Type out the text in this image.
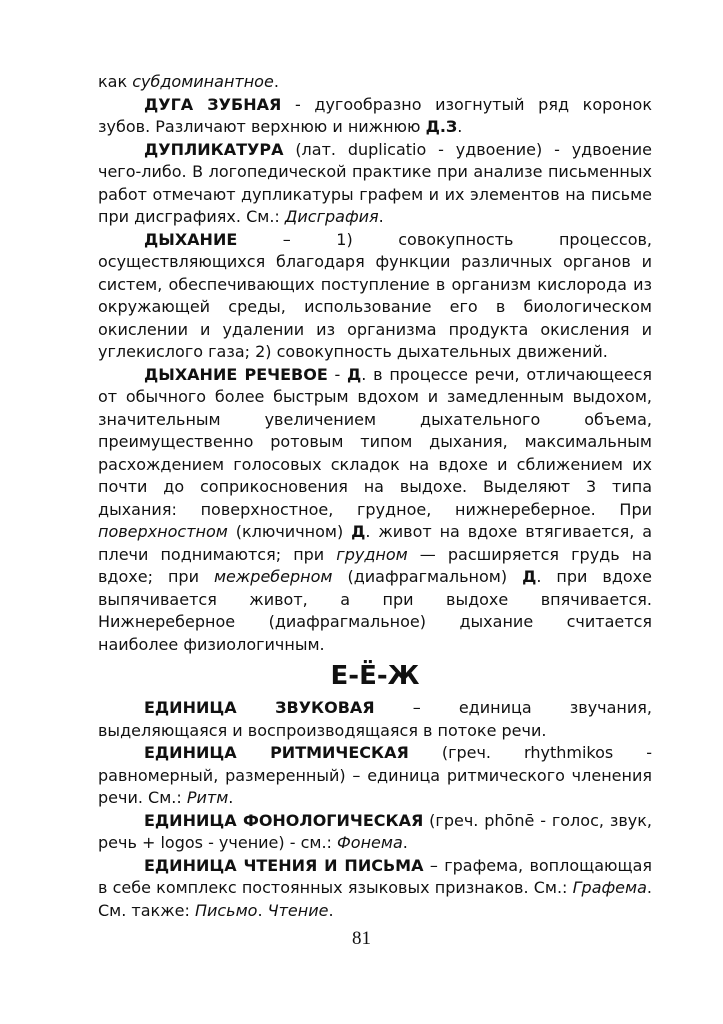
как субдоминантное.

ДУГА ЗУБНАЯ - дугообразно изогнутый ряд коронок зубов. Различают верхнюю и нижнюю Д.З.

ДУПЛИКАТУРА (лат. duplicatio - удвоение) - удвоение чего-либо. В логопедической практике при анализе письменных работ отмечают дупликатуры графем и их элементов на письме при дисграфиях. См.: Дисграфия.

ДЫХАНИЕ – 1) совокупность процессов, осуществляющихся благодаря функции различных органов и систем, обеспечивающих поступление в организм кислорода из окружающей среды, использование его в биологическом окислении и удалении из организма продукта окисления и углекислого газа; 2) совокупность дыхательных движений.

ДЫХАНИЕ РЕЧЕВОЕ - Д. в процессе речи, отличающееся от обычного более быстрым вдохом и замедленным выдохом, значительным увеличением дыхательного объема, преимущественно ротовым типом дыхания, максимальным расхождением голосовых складок на вдохе и сближением их почти до соприкосновения на выдохе. Выделяют 3 типа дыхания: поверхностное, грудное, нижнереберное. При поверхностном (ключичном) Д. живот на вдохе втягивается, а плечи поднимаются; при грудном — расширяется грудь на вдохе; при межреберном (диафрагмальном) Д. при вдохе выпячивается живот, а при выдохе впячивается. Нижнереберное (диафрагмальное) дыхание считается наиболее физиологичным.

Е-Ё-Ж

ЕДИНИЦА ЗВУКОВАЯ – единица звучания, выделяющаяся и воспроизводящаяся в потоке речи.

ЕДИНИЦА РИТМИЧЕСКАЯ (греч. rhythmikos - равномерный, размеренный) – единица ритмического членения речи. См.: Ритм.

ЕДИНИЦА ФОНОЛОГИЧЕСКАЯ (греч. phōnē - голос, звук, речь + logos - учение) - см.: Фонема.

ЕДИНИЦА ЧТЕНИЯ И ПИСЬМА – графема, воплощающая в себе комплекс постоянных языковых признаков. См.: Графема. См. также: Письмо. Чтение.

81
